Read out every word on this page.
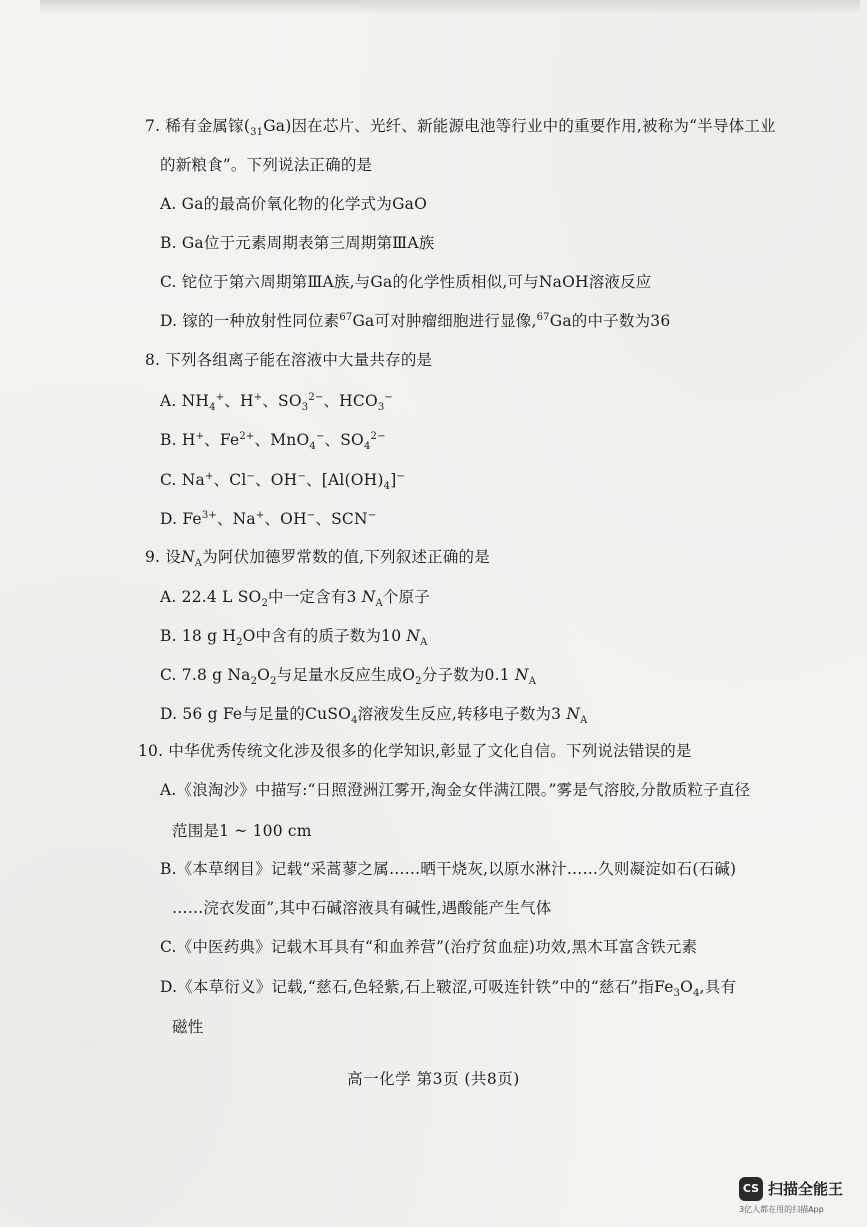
7. 稀有金属镓$(_{31}Ga)$因在芯片、光纤、新能源电池等行业中的重要作用,被称为“半导体工业
的新粮食”。下列说法正确的是
A. Ga的最高价氧化物的化学式为GaO
B. Ga位于元素周期表第三周期第ⅢA族
C. 铊位于第六周期第ⅢA族,与Ga的化学性质相似,可与NaOH溶液反应
D. 镓的一种放射性同位素$^{67}$Ga可对肿瘤细胞进行显像,$^{67}$Ga的中子数为36
8. 下列各组离子能在溶液中大量共存的是
A. $NH_4^+$、H+、$SO_3^{2-}$、$HCO_3^-$
B. H+、$Fe^{2+}$、MnO$_4$−、$SO_4^{2-}$
C. Na+、Cl−、OH−、$[Al(OH)_4]^-$
D. $Fe^{3+}$、Na+、OH−、SCN−
9. 设$N_A$为阿伏加德罗常数的值,下列叙述正确的是
A. 22.4 L $SO_2$中一定含有3 $N_A$个原子
B. 18 g $H_2O$中含有的质子数为10 $N_A$
C. 7.8 g $Na_2O_2$与足量水反应生成$O_2$分子数为0.1 $N_A$
D. 56 g Fe与足量的CuSO$_4$溶液发生反应,转移电子数为3 $N_A$
10. 中华优秀传统文化涉及很多的化学知识,彰显了文化自信。下列说法错误的是
A.《浪淘沙》中描写:“日照澄洲江雾开,淘金女伴满江隈。”雾是气溶胶,分散质粒子直径
范围是1 ~ 100 cm
B.《本草纲目》记载“采蒿蓼之属……晒干烧灰,以原水淋汁……久则凝淀如石(石碱)
……浣衣发面”,其中石碱溶液具有碱性,遇酸能产生气体
C.《中医药典》记载木耳具有“和血养营”(治疗贫血症)功效,黑木耳富含铁元素
D.《本草衍义》记载,“慈石,色轻紫,石上皲涩,可吸连针铁”中的“慈石”指$Fe_3O_4$,具有
磁性
高一化学 第3页 (共8页)
CS 扫描全能王
3亿人都在用的扫描App
